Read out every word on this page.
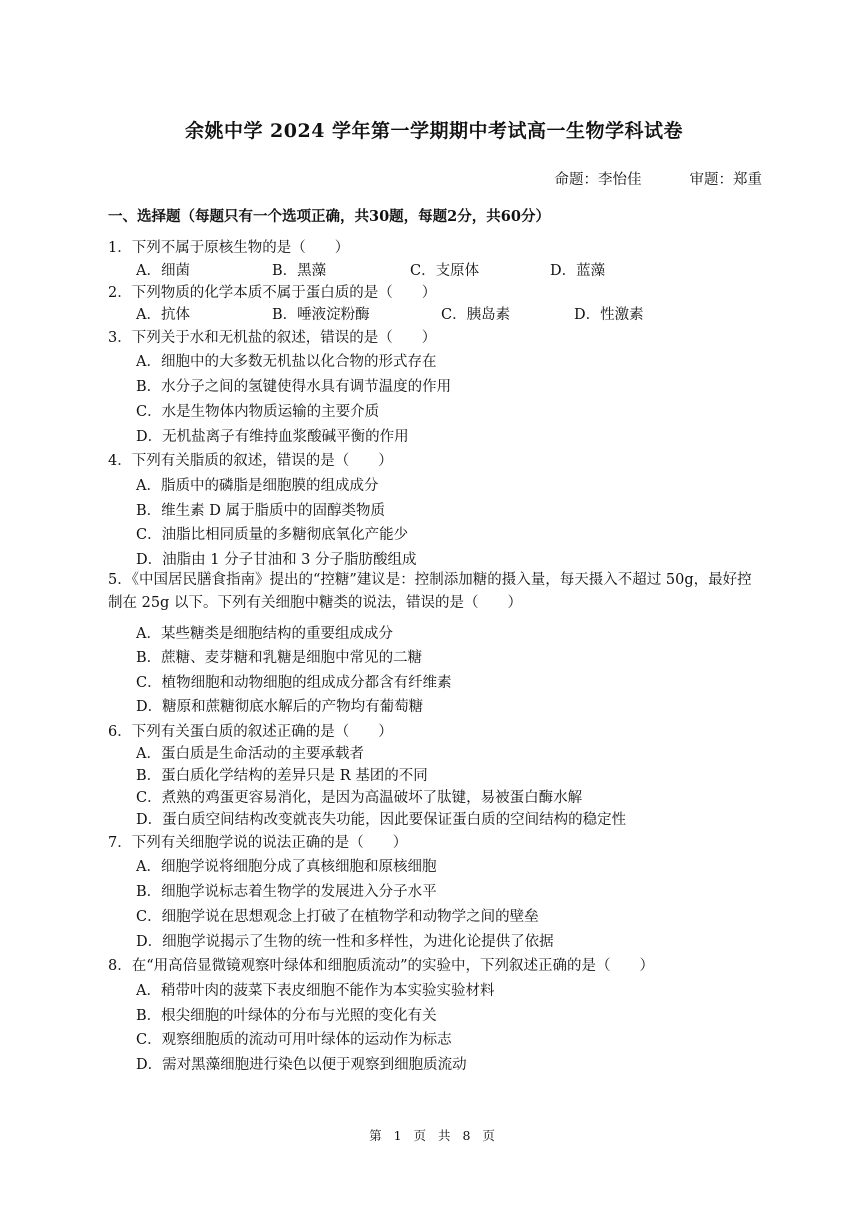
余姚中学 2024 学年第一学期期中考试高一生物学科试卷
命题：李怡佳	审题：郑重
一、选择题（每题只有一个选项正确，共30题，每题2分，共60分）
1．下列不属于原核生物的是（　　）
A．细菌	B．黑藻	C．支原体	D．蓝藻
2．下列物质的化学本质不属于蛋白质的是（　　）
A．抗体	B．唾液淀粉酶	C．胰岛素	D．性激素
3．下列关于水和无机盐的叙述，错误的是（　　）
A．细胞中的大多数无机盐以化合物的形式存在
B．水分子之间的氢键使得水具有调节温度的作用
C．水是生物体内物质运输的主要介质
D．无机盐离子有维持血浆酸碱平衡的作用
4．下列有关脂质的叙述，错误的是（　　）
A．脂质中的磷脂是细胞膜的组成成分
B．维生素 D 属于脂质中的固醇类物质
C．油脂比相同质量的多糖彻底氧化产能少
D．油脂由 1 分子甘油和 3 分子脂肪酸组成
5．《中国居民膳食指南》提出的“控糖”建议是：控制添加糖的摄入量，每天摄入不超过 50g，最好控制在 25g 以下。下列有关细胞中糖类的说法，错误的是（　　）
A．某些糖类是细胞结构的重要组成成分
B．蔗糖、麦芽糖和乳糖是细胞中常见的二糖
C．植物细胞和动物细胞的组成成分都含有纤维素
D．糖原和蔗糖彻底水解后的产物均有葡萄糖
6．下列有关蛋白质的叙述正确的是（　　）
A．蛋白质是生命活动的主要承载者
B．蛋白质化学结构的差异只是 R 基团的不同
C．煮熟的鸡蛋更容易消化，是因为高温破坏了肽键，易被蛋白酶水解
D．蛋白质空间结构改变就丧失功能，因此要保证蛋白质的空间结构的稳定性
7．下列有关细胞学说的说法正确的是（　　）
A．细胞学说将细胞分成了真核细胞和原核细胞
B．细胞学说标志着生物学的发展进入分子水平
C．细胞学说在思想观念上打破了在植物学和动物学之间的壁垒
D．细胞学说揭示了生物的统一性和多样性，为进化论提供了依据
8．在“用高倍显微镜观察叶绿体和细胞质流动”的实验中，下列叙述正确的是（　　）
A．稍带叶肉的菠菜下表皮细胞不能作为本实验实验材料
B．根尖细胞的叶绿体的分布与光照的变化有关
C．观察细胞质的流动可用叶绿体的运动作为标志
D．需对黑藻细胞进行染色以便于观察到细胞质流动
第 1 页 共 8 页
